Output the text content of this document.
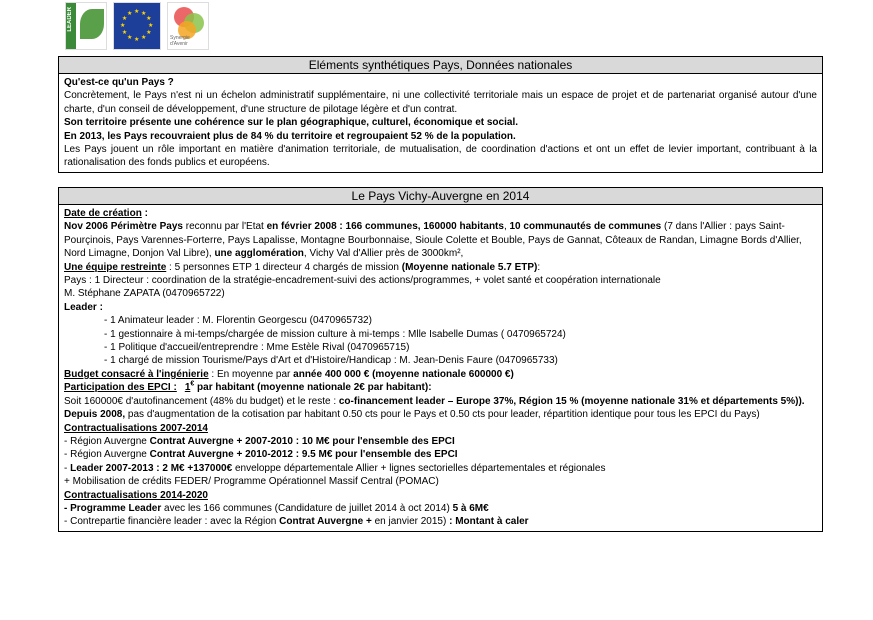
LEADER	★
★
★
★
★
★
★
★
★ ★ ★
★
Synergie d'Avenir
Eléments synthétiques Pays, Données nationales

Qu'est-ce qu'un Pays ?

Concrètement, le Pays n'est ni un échelon administratif supplémentaire, ni une collectivité territoriale mais un espace de projet et de partenariat organisé autour d'une charte, d'un conseil de développement, d'une structure de pilotage légère et d'un contrat.

Son territoire présente une cohérence sur le plan géographique, culturel, économique et social.

En 2013, les Pays recouvraient plus de 84 % du territoire et regroupaient 52 % de la population.

Les Pays jouent un rôle important en matière d'animation territoriale, de mutualisation, de coordination d'actions et ont un effet de levier important, contribuant à la rationalisation des fonds publics et européens.

Le Pays Vichy-Auvergne en 2014

Date de création :

Nov 2006 Périmètre Pays reconnu par l'Etat en février 2008 : 166 communes, 160000 habitants, 10 communautés de communes (7 dans l'Allier : pays Saint-Pourçinois, Pays Varennes-Forterre, Pays Lapalisse, Montagne Bourbonnaise, Sioule Colette et Bouble, Pays de Gannat, Côteaux de Randan, Limagne Bords d'Allier, Nord Limagne, Donjon Val Libre), une agglomération, Vichy Val d'Allier près de 3000km²,

Une équipe restreinte : 5 personnes ETP 1 directeur 4 chargés de mission (Moyenne nationale 5.7 ETP):

Pays : 1 Directeur : coordination de la stratégie-encadrement-suivi des actions/programmes, + volet santé et coopération internationale

M. Stéphane ZAPATA (0470965722)

Leader :

- 1 Animateur leader : M. Florentin Georgescu (0470965732)

- 1 gestionnaire à mi-temps/chargée de mission culture à mi-temps : Mlle Isabelle Dumas ( 0470965724)

- 1 Politique d'accueil/entreprendre : Mme Estèle Rival (0470965715)

- 1 chargé de mission Tourisme/Pays d'Art et d'Histoire/Handicap : M. Jean-Denis Faure (0470965733)

Budget consacré à l'ingénierie : En moyenne par année 400 000 € (moyenne nationale 600000 €)

Participation des EPCI : 1€ par habitant (moyenne nationale 2€ par habitant):

Soit 160000€ d'autofinancement (48% du budget) et le reste : co-financement leader – Europe 37%, Région 15 % (moyenne nationale 31% et départements 5%)).

Depuis 2008, pas d'augmentation de la cotisation par habitant 0.50 cts pour le Pays et 0.50 cts pour leader, répartition identique pour tous les EPCI du Pays)

Contractualisations 2007-2014

- Région Auvergne Contrat Auvergne + 2007-2010 : 10 M€ pour l'ensemble des EPCI

- Région Auvergne Contrat Auvergne + 2010-2012 : 9.5 M€ pour l'ensemble des EPCI

- Leader 2007-2013 : 2 M€ +137000€ enveloppe départementale Allier + lignes sectorielles départementales et régionales

+ Mobilisation de crédits FEDER/ Programme Opérationnel Massif Central (POMAC)

Contractualisations 2014-2020

- Programme Leader avec les 166 communes (Candidature de juillet 2014 à oct 2014) 5 à 6M€

- Contrepartie financière leader : avec la Région Contrat Auvergne + en janvier 2015) : Montant à caler
